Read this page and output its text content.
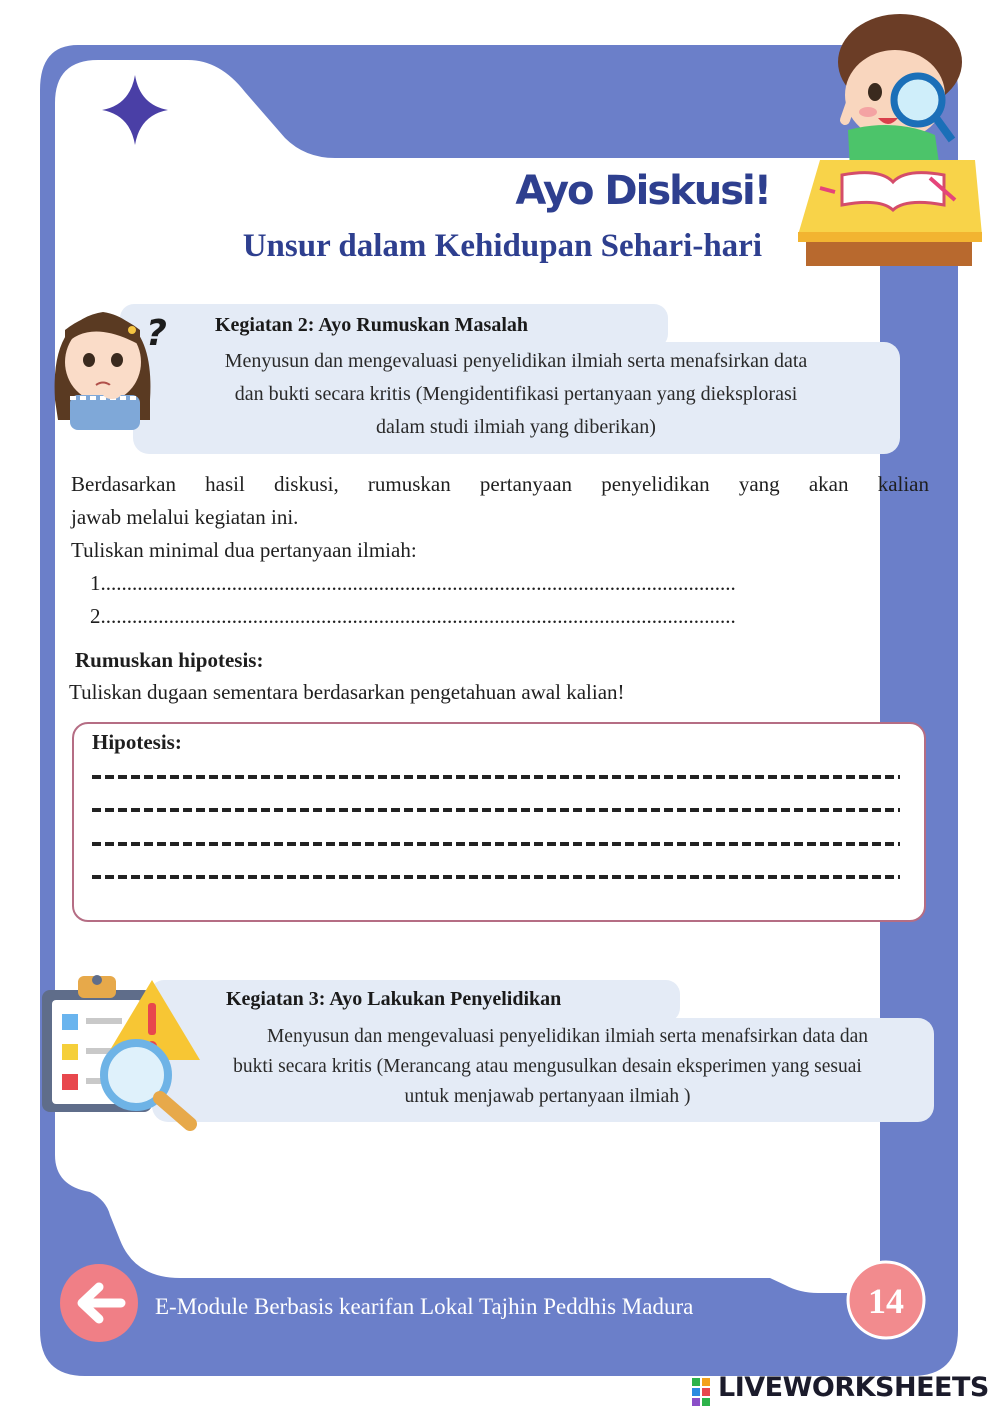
?
Ayo Diskusi!
Unsur dalam Kehidupan Sehari-hari
Kegiatan 2: Ayo Rumuskan Masalah
Menyusun dan mengevaluasi penyelidikan ilmiah serta menafsirkan data
dan bukti secara kritis (Mengidentifikasi pertanyaan yang dieksplorasi
dalam studi ilmiah yang diberikan)
Berdasarkan hasil diskusi, rumuskan pertanyaan penyelidikan yang akan kalian
jawab melalui kegiatan ini.
Tuliskan minimal dua pertanyaan ilmiah:
1.........................................................................................................................
2.........................................................................................................................
Rumuskan hipotesis:
Tuliskan dugaan sementara berdasarkan pengetahuan awal kalian!
Hipotesis:
Kegiatan 3: Ayo Lakukan Penyelidikan
Menyusun dan mengevaluasi penyelidikan ilmiah serta menafsirkan data dan
bukti secara kritis (Merancang atau mengusulkan desain eksperimen yang sesuai
untuk menjawab pertanyaan ilmiah )
E-Module Berbasis kearifan Lokal Tajhin Peddhis Madura	14
LIVEWORKSHEETS
